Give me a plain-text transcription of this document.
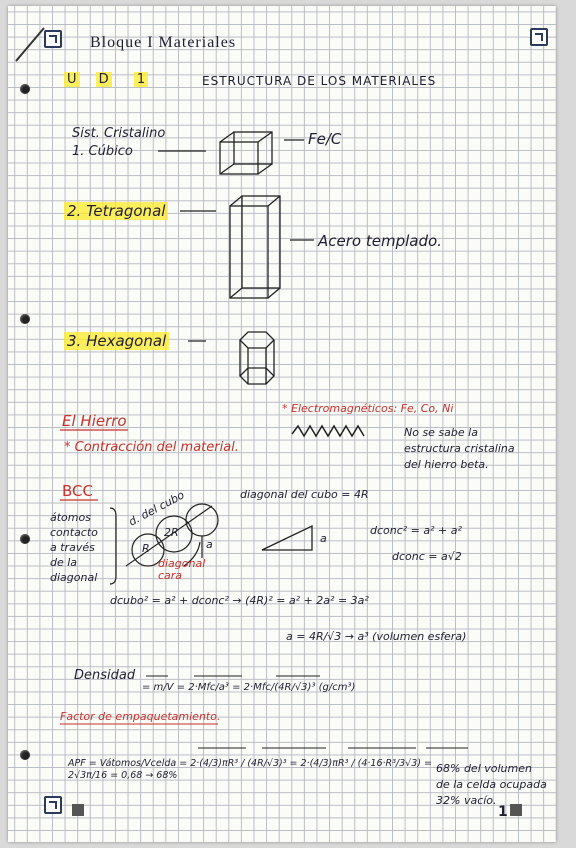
Bloque I Materiales
U D 1	ESTRUCTURA DE LOS MATERIALES
Sist. Cristalino
1. Cúbico
Fe/C
2. Tetragonal
Acero templado.
3. Hexagonal
El Hierro
* Contracción del material.
* Electromagnéticos: Fe, Co, Ni
No se sabe la
estructura cristalina
del hierro beta.
BCC
átomos
contacto
a través
de la
diagonal
d. del cubo
2R
R	a
diagonal cara
diagonal del cubo = 4R
a
dconc² = a² + a²
dconc = a√2
dcubo² = a² + dconc² → (4R)² = a² + 2a² = 3a²
a = 4R/√3 → a³ (volumen esfera)
Densidad
= m/V = 2·Mfc/a³ = 2·Mfc/(4R/√3)³ (g/cm³)
Factor de empaquetamiento.
APF = Vátomos/Vcelda = 2·(4/3)πR³ / (4R/√3)³ = 2·(4/3)πR³ / (4·16·R³/3√3) = 2√3π/16 = 0,68 → 68%
68% del volumen
de la celda ocupada
32% vacío.
1
